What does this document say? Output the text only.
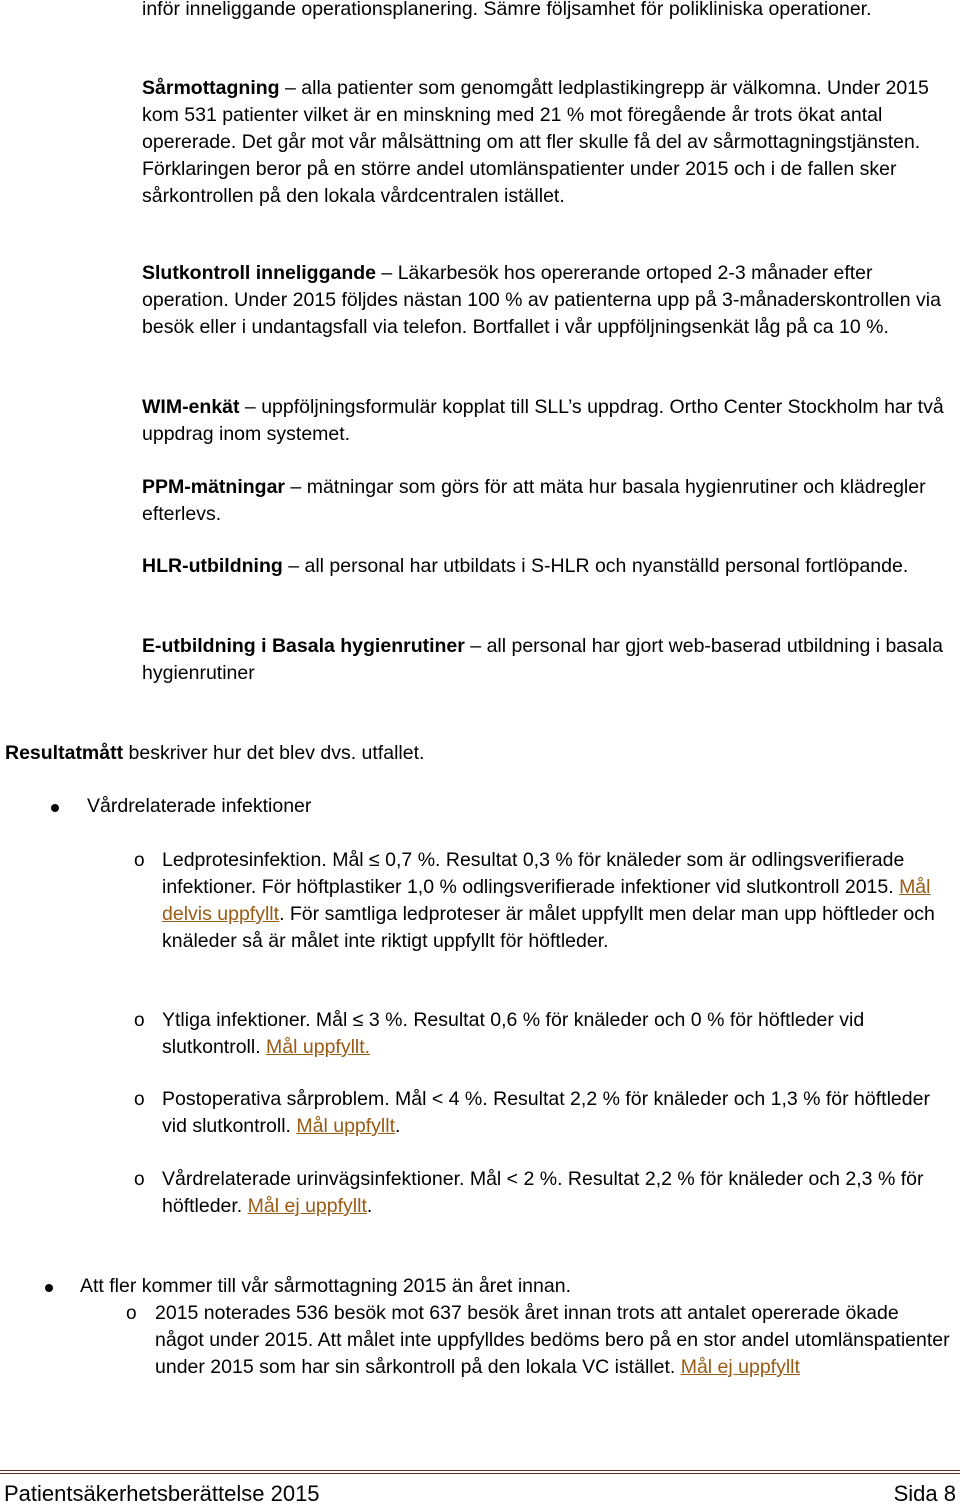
inför inneliggande operationsplanering. Sämre följsamhet för polikliniska operationer.
Sårmottagning – alla patienter som genomgått ledplastikingrepp är välkomna. Under 2015 kom 531 patienter vilket är en minskning med 21 % mot föregående år trots ökat antal opererade. Det går mot vår målsättning om att fler skulle få del av sårmottagningstjänsten. Förklaringen beror på en större andel utomlänspatienter under 2015 och i de fallen sker sårkontrollen på den lokala vårdcentralen istället.
Slutkontroll inneliggande – Läkarbesök hos opererande ortoped 2-3 månader efter operation. Under 2015 följdes nästan 100 % av patienterna upp på 3-månaderskontrollen via besök eller i undantagsfall via telefon. Bortfallet i vår uppföljningsenkät låg på ca 10 %.
WIM-enkät – uppföljningsformulär kopplat till SLL’s uppdrag. Ortho Center Stockholm har två uppdrag inom systemet.
PPM-mätningar – mätningar som görs för att mäta hur basala hygienrutiner och klädregler efterlevs.
HLR-utbildning – all personal har utbildats i S-HLR och nyanställd personal fortlöpande.
E-utbildning i Basala hygienrutiner – all personal har gjort web-baserad utbildning i basala hygienrutiner
Resultatmått beskriver hur det blev dvs. utfallet.
Vårdrelaterade infektioner
o Ledprotesinfektion. Mål ≤ 0,7 %. Resultat 0,3 % för knäleder som är odlingsverifierade infektioner. För höftplastiker 1,0 % odlingsverifierade infektioner vid slutkontroll 2015. Mål delvis uppfyllt. För samtliga ledproteser är målet uppfyllt men delar man upp höftleder och knäleder så är målet inte riktigt uppfyllt för höftleder.
o Ytliga infektioner. Mål ≤ 3 %. Resultat 0,6 % för knäleder och 0 % för höftleder vid slutkontroll. Mål uppfyllt.
o Postoperativa sårproblem. Mål < 4 %. Resultat 2,2 % för knäleder och 1,3 % för höftleder vid slutkontroll. Mål uppfyllt.
o Vårdrelaterade urinvägsinfektioner. Mål < 2 %. Resultat 2,2 % för knäleder och 2,3 % för höftleder. Mål ej uppfyllt.
Att fler kommer till vår sårmottagning 2015 än året innan.
o 2015 noterades 536 besök mot 637 besök året innan trots att antalet opererade ökade något under 2015. Att målet inte uppfylldes bedöms bero på en stor andel utomlänspatienter under 2015 som har sin sårkontroll på den lokala VC istället. Mål ej uppfyllt
Patientsäkerhetsberättelse 2015	Sida 8
